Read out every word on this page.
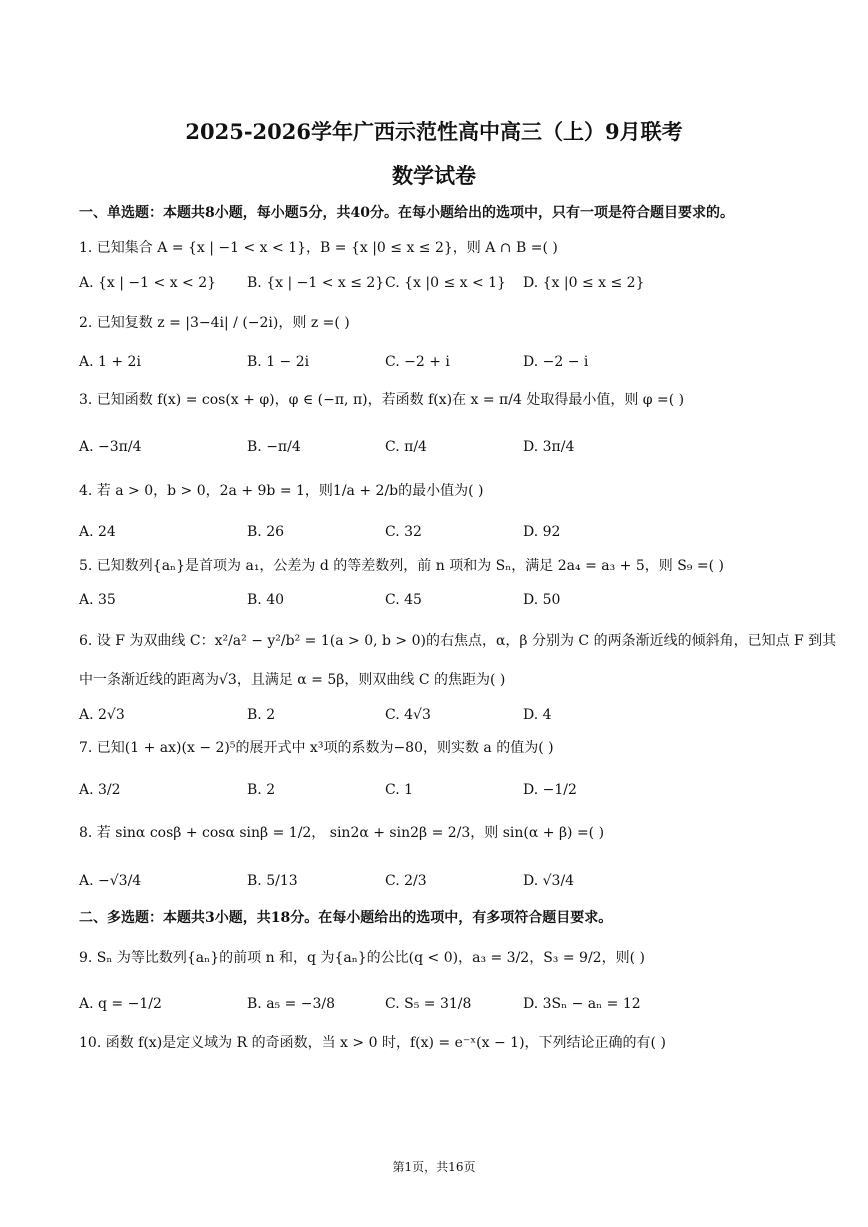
2025-2026学年广西示范性高中高三（上）9月联考
数学试卷
一、单选题：本题共8小题，每小题5分，共40分。在每小题给出的选项中，只有一项是符合题目要求的。
1. 已知集合 A = {x | −1 < x < 1}，B = {x |0 ≤ x ≤ 2}，则 A ∩ B =( )
A. {x | −1 < x < 2} B. {x | −1 < x ≤ 2} C. {x |0 ≤ x < 1} D. {x |0 ≤ x ≤ 2}
2. 已知复数 z = |3−4i| / (−2i)，则 z =( )
A. 1 + 2i	B. 1 − 2i	C. −2 + i	D. −2 − i
3. 已知函数 f(x) = cos(x + φ)，φ ∈ (−π, π)，若函数 f(x)在 x = π/4 处取得最小值，则 φ =( )
A. −3π/4	B. −π/4	C. π/4	D. 3π/4
4. 若 a > 0，b > 0，2a + 9b = 1，则1/a + 2/b的最小值为( )
A. 24	B. 26	C. 32	D. 92
5. 已知数列{aₙ}是首项为 a₁，公差为 d 的等差数列，前 n 项和为 Sₙ，满足 2a₄ = a₃ + 5，则 S₉ =( )
A. 35	B. 40	C. 45	D. 50
6. 设 F 为双曲线 C：x²/a² − y²/b² = 1(a > 0, b > 0)的右焦点，α，β 分别为 C 的两条渐近线的倾斜角，已知点 F 到其
中一条渐近线的距离为√3，且满足 α = 5β，则双曲线 C 的焦距为( )
A. 2√3	B. 2	C. 4√3	D. 4
7. 已知(1 + ax)(x − 2)⁵的展开式中 x³项的系数为−80，则实数 a 的值为( )
A. 3/2	B. 2	C. 1	D. −1/2
8. 若 sinα cosβ + cosα sinβ = 1/2， sin2α + sin2β = 2/3，则 sin(α + β) =( )
A. −√3/4	B. 5/13	C. 2/3	D. √3/4
二、多选题：本题共3小题，共18分。在每小题给出的选项中，有多项符合题目要求。
9. Sₙ 为等比数列{aₙ}的前项 n 和，q 为{aₙ}的公比(q < 0)，a₃ = 3/2，S₃ = 9/2，则( )
A. q = −1/2	B. a₅ = −3/8	C. S₅ = 31/8	D. 3Sₙ − aₙ = 12
10. 函数 f(x)是定义域为 R 的奇函数，当 x > 0 时，f(x) = e⁻ˣ(x − 1)，下列结论正确的有( )
第1页，共16页
